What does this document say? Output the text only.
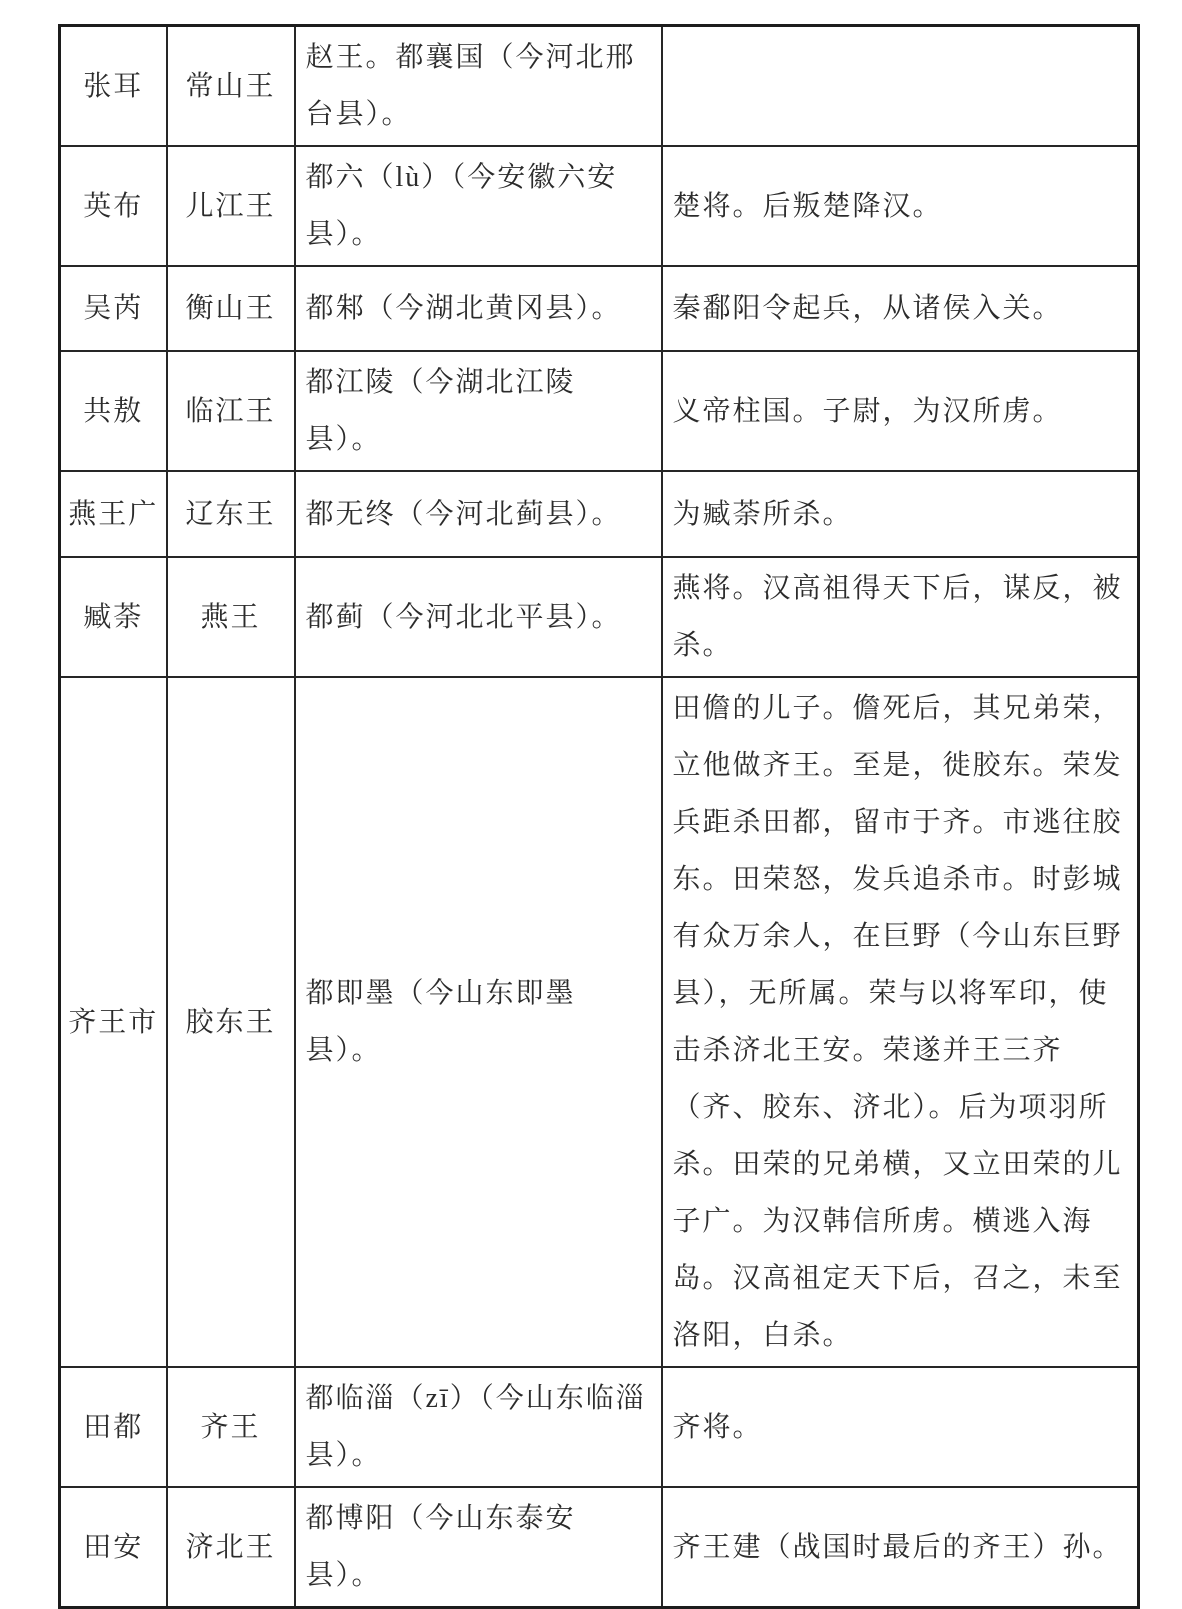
张耳	常山王	赵王。都襄国（今河北邢台县）。	
英布	儿江王	都六（lù）（今安徽六安县）。	楚将。后叛楚降汉。
吴芮	衡山王	都邾（今湖北黄冈县）。	秦鄱阳令起兵，从诸侯入关。
共敖	临江王	都江陵（今湖北江陵县）。	义帝柱国。子尉，为汉所虏。
燕王广	辽东王	都无终（今河北蓟县）。	为臧荼所杀。
臧荼	燕王	都蓟（今河北北平县）。	燕将。汉高祖得天下后，谋反，被杀。
齐王市	胶东王	都即墨（今山东即墨县）。	田儋的儿子。儋死后，其兄弟荣，立他做齐王。至是，徙胶东。荣发兵距杀田都，留市于齐。市逃往胶东。田荣怒，发兵追杀市。时彭城有众万余人，在巨野（今山东巨野县），无所属。荣与以将军印，使击杀济北王安。荣遂并王三齐（齐、胶东、济北）。后为项羽所杀。田荣的兄弟横，又立田荣的儿子广。为汉韩信所虏。横逃入海岛。汉高祖定天下后，召之，未至洛阳，白杀。
田都	齐王	都临淄（zī）（今山东临淄县）。	齐将。
田安	济北王	都博阳（今山东泰安县）。	齐王建（战国时最后的齐王）孙。
